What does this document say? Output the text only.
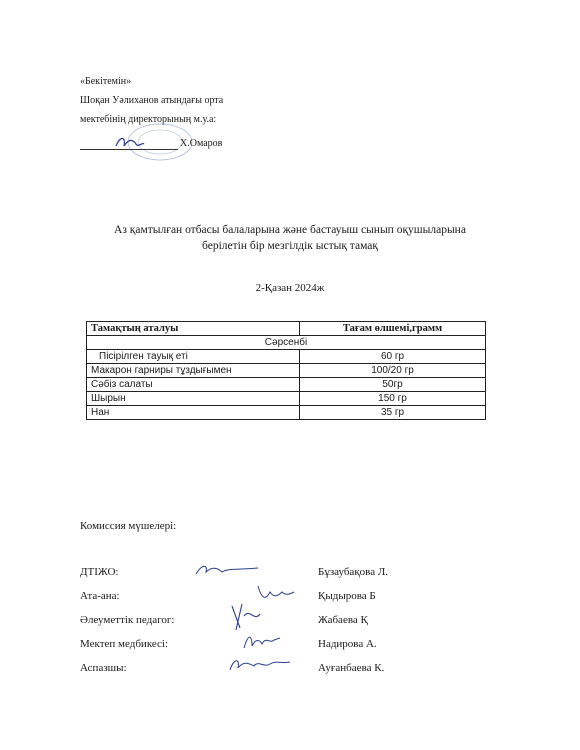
«Бекітемін»
Шоқан Уәлиханов атындағы орта
мектебінің директорының м.у.а:
Х.Омаров
Аз қамтылған отбасы балаларына және бастауыш сынып оқушыларына
берілетін бір мезгілдік ыстық тамақ
2-Қазан 2024ж
Тамақтың аталуы	Тағам өлшемі,грамм
Сәрсенбі	
Пісірілген тауық еті	60 гр
Макарон гарниры тұздығымен	100/20 гр
Сәбіз салаты	50гр
Шырын	150 гр
Нан	35 гр
Комиссия мүшелері:
ДТІЖО:	Бұзаубақова Л.
Ата-ана:	Қыдырова Б
Әлеуметтік педагог:	Жабаева Қ
Мектеп медбикесі:	Надирова А.
Аспазшы:	Ауғанбаева К.
